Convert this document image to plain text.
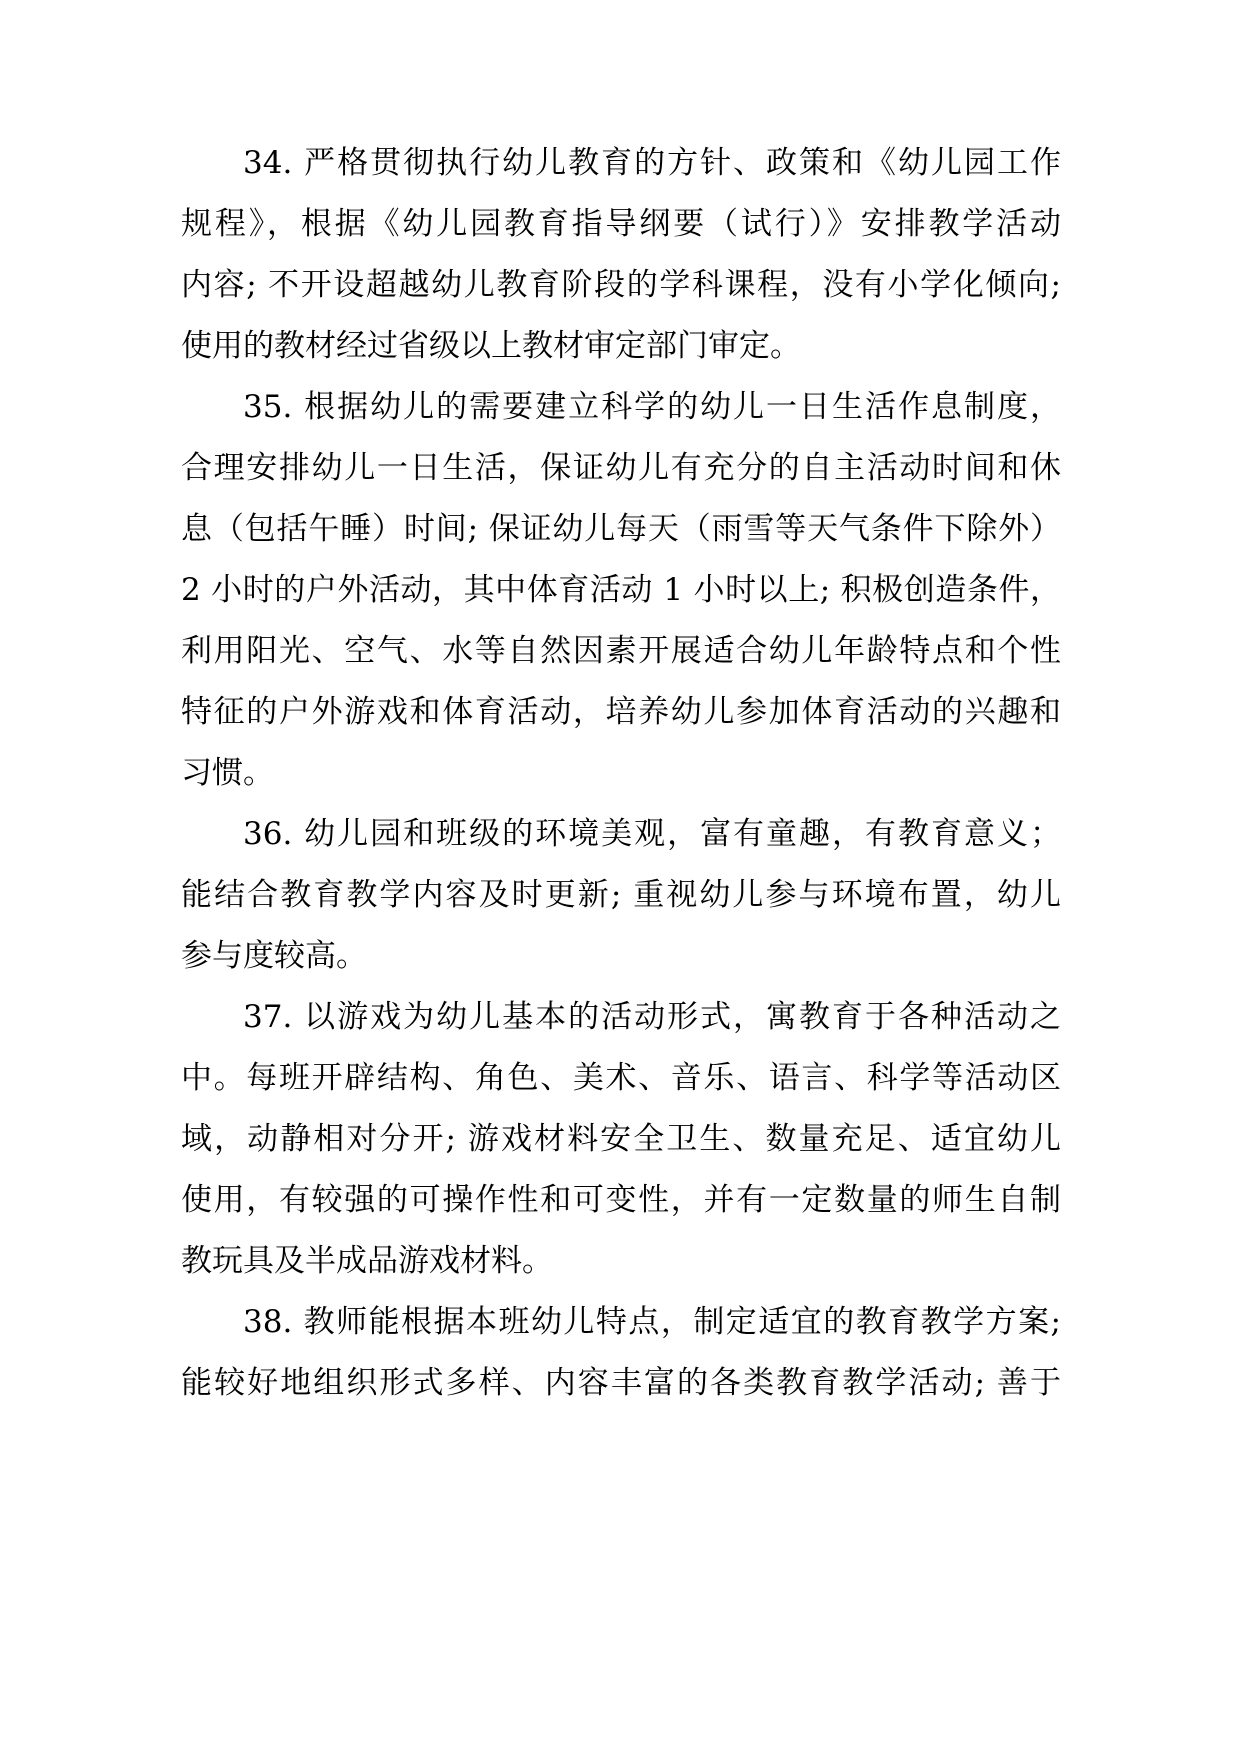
34. 严格贯彻执行幼儿教育的方针、政策和《幼儿园工作

规程》，根据《幼儿园教育指导纲要（试行）》安排教学活动

内容; 不开设超越幼儿教育阶段的学科课程，没有小学化倾向;

使用的教材经过省级以上教材审定部门审定。

35. 根据幼儿的需要建立科学的幼儿一日生活作息制度，

合理安排幼儿一日生活，保证幼儿有充分的自主活动时间和休

息（包括午睡）时间; 保证幼儿每天（雨雪等天气条件下除外）

2 小时的户外活动，其中体育活动 1 小时以上; 积极创造条件，

利用阳光、空气、水等自然因素开展适合幼儿年龄特点和个性

特征的户外游戏和体育活动，培养幼儿参加体育活动的兴趣和

习惯。

36. 幼儿园和班级的环境美观，富有童趣，有教育意义；

能结合教育教学内容及时更新; 重视幼儿参与环境布置，幼儿

参与度较高。

37. 以游戏为幼儿基本的活动形式，寓教育于各种活动之

中。每班开辟结构、角色、美术、音乐、语言、科学等活动区

域，动静相对分开; 游戏材料安全卫生、数量充足、适宜幼儿

使用，有较强的可操作性和可变性，并有一定数量的师生自制

教玩具及半成品游戏材料。

38. 教师能根据本班幼儿特点，制定适宜的教育教学方案;

能较好地组织形式多样、内容丰富的各类教育教学活动; 善于
